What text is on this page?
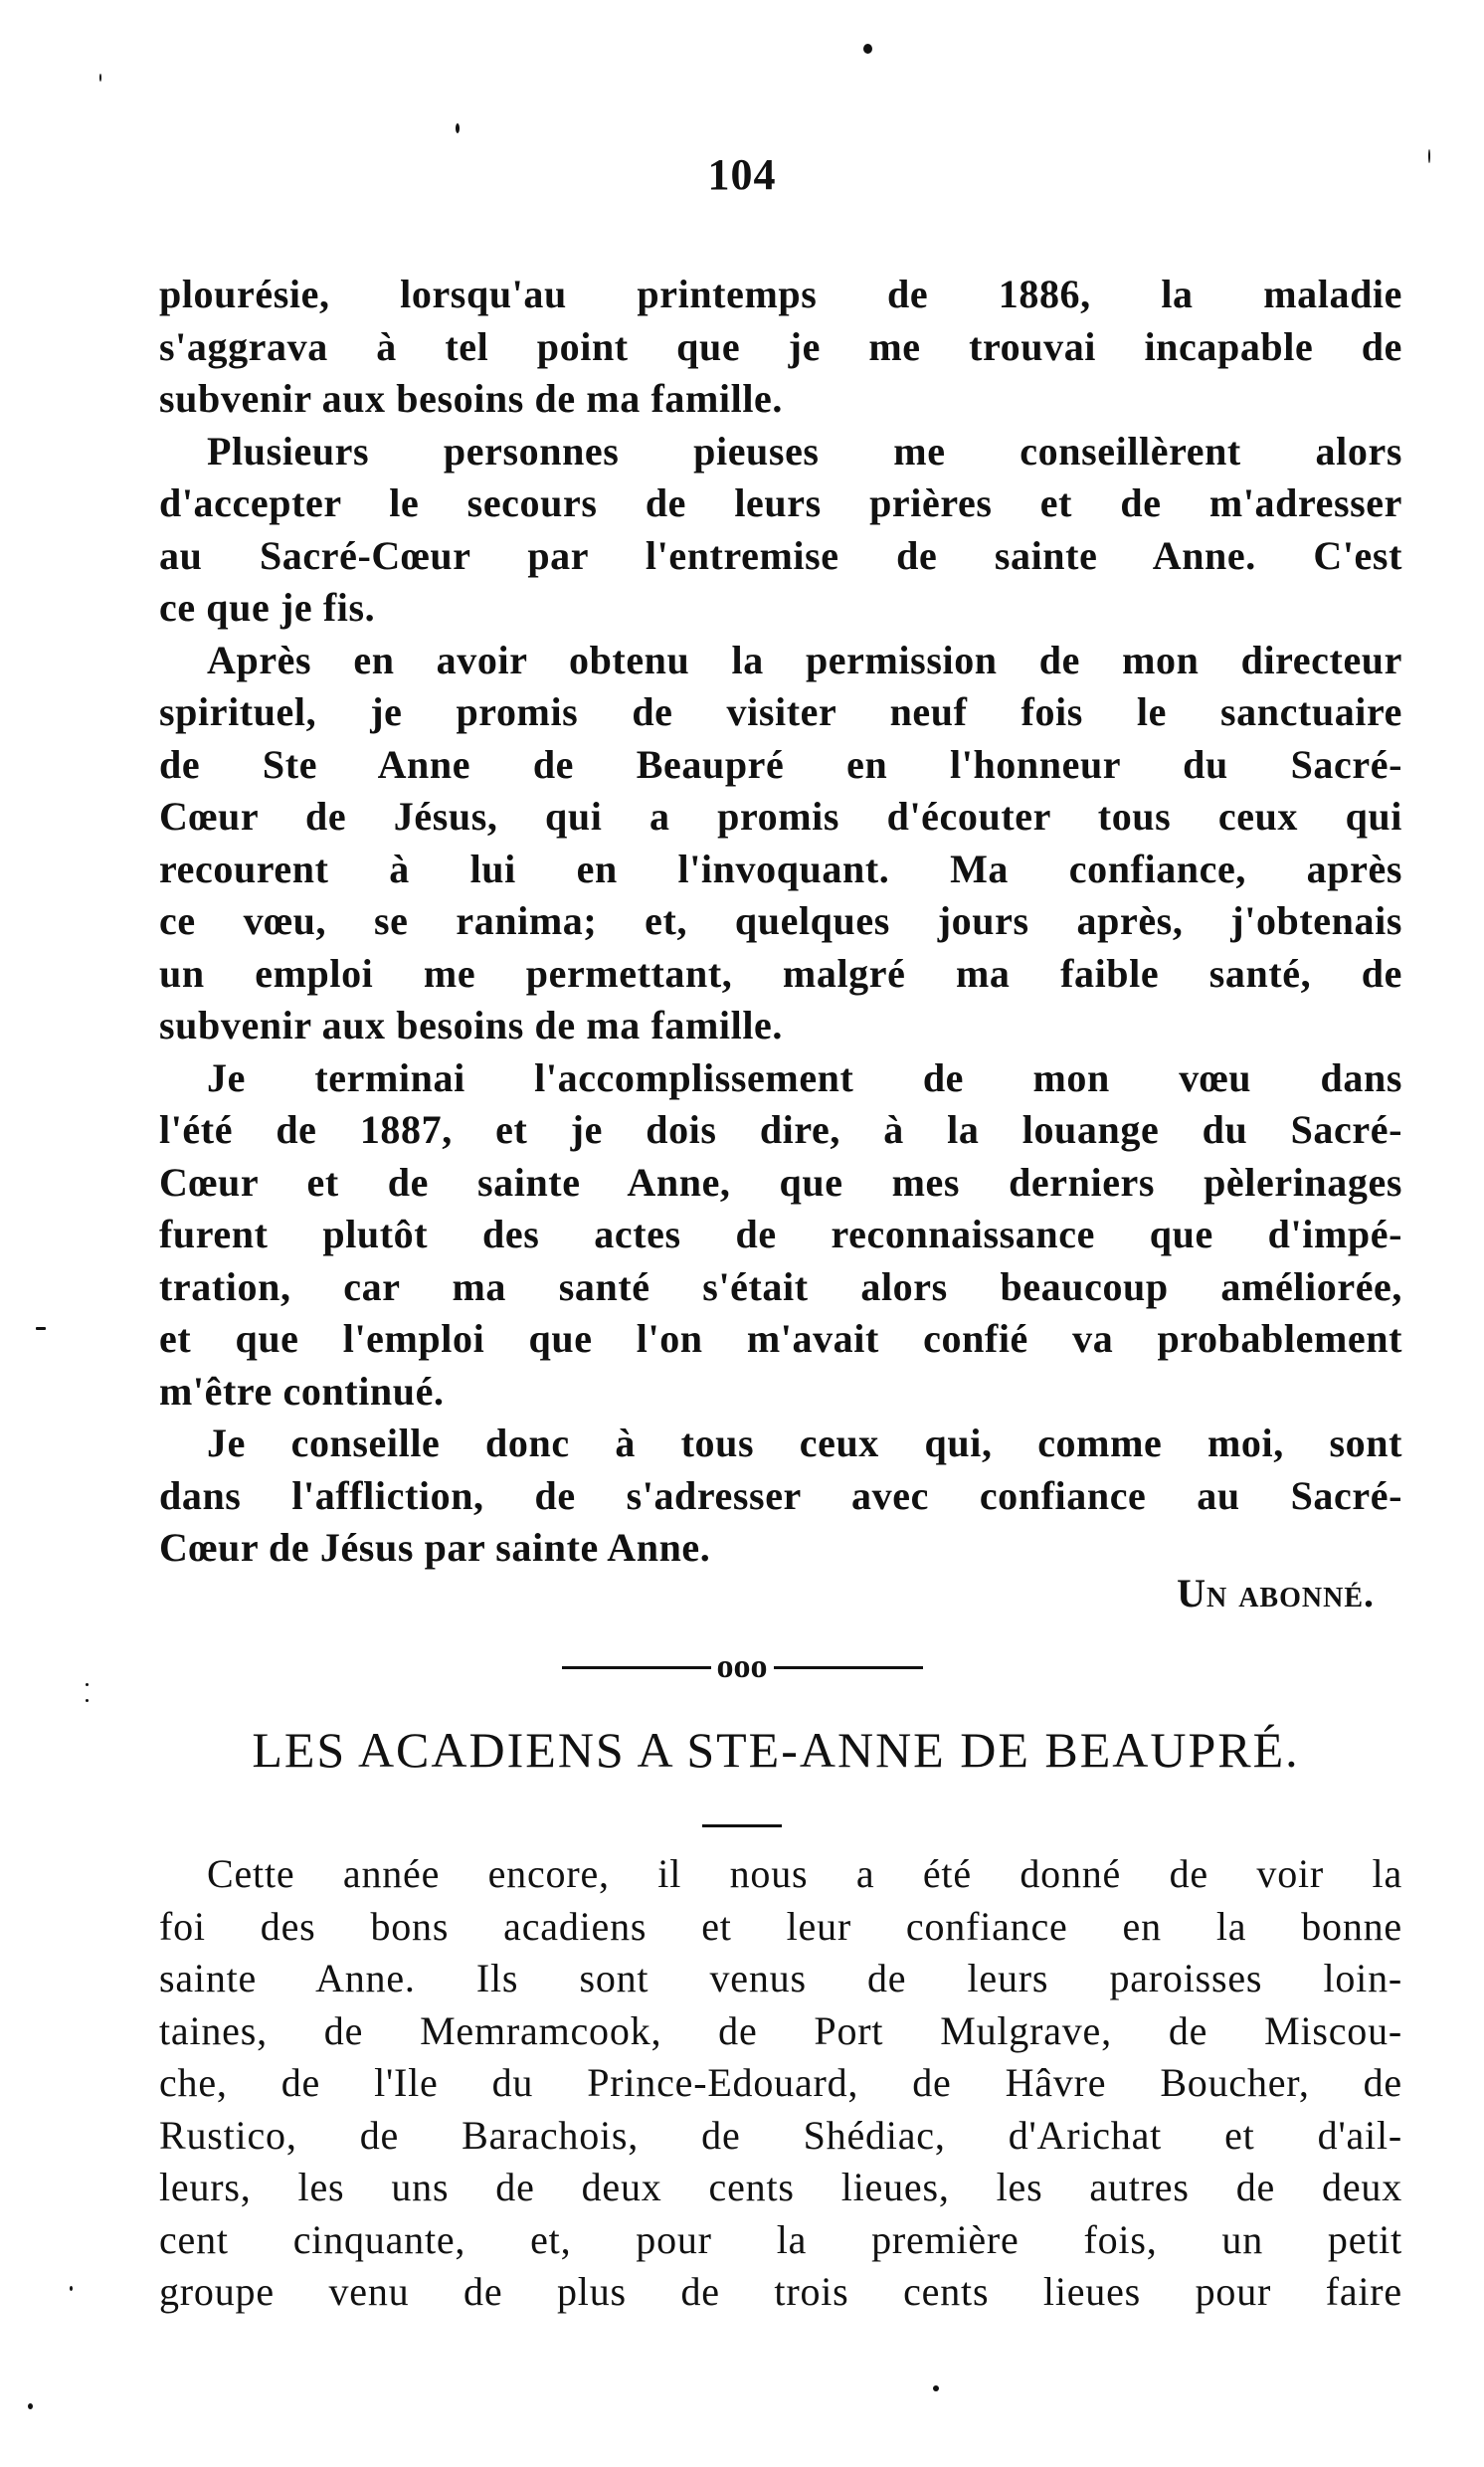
104
plourésie, lorsqu'au printemps de 1886, la maladie
s'aggrava à tel point que je me trouvai incapable de
subvenir aux besoins de ma famille.
Plusieurs personnes pieuses me conseillèrent alors
d'accepter le secours de leurs prières et de m'adresser
au Sacré-Cœur par l'entremise de sainte Anne. C'est
ce que je fis.
Après en avoir obtenu la permission de mon directeur
spirituel, je promis de visiter neuf fois le sanctuaire
de Ste Anne de Beaupré en l'honneur du Sacré-
Cœur de Jésus, qui a promis d'écouter tous ceux qui
recourent à lui en l'invoquant. Ma confiance, après
ce vœu, se ranima; et, quelques jours après, j'obtenais
un emploi me permettant, malgré ma faible santé, de
subvenir aux besoins de ma famille.
Je terminai l'accomplissement de mon vœu dans
l'été de 1887, et je dois dire, à la louange du Sacré-
Cœur et de sainte Anne, que mes derniers pèlerinages
furent plutôt des actes de reconnaissance que d'impé-
tration, car ma santé s'était alors beaucoup améliorée,
et que l'emploi que l'on m'avait confié va probablement
m'être continué.
Je conseille donc à tous ceux qui, comme moi, sont
dans l'affliction, de s'adresser avec confiance au Sacré-
Cœur de Jésus par sainte Anne.
Un abonné.
ooo
LES ACADIENS A STE-ANNE DE BEAUPRÉ.
Cette année encore, il nous a été donné de voir la
foi des bons acadiens et leur confiance en la bonne
sainte Anne. Ils sont venus de leurs paroisses loin-
taines, de Memramcook, de Port Mulgrave, de Miscou-
che, de l'Ile du Prince-Edouard, de Hâvre Boucher, de
Rustico, de Barachois, de Shédiac, d'Arichat et d'ail-
leurs, les uns de deux cents lieues, les autres de deux
cent cinquante, et, pour la première fois, un petit
groupe venu de plus de trois cents lieues pour faire
